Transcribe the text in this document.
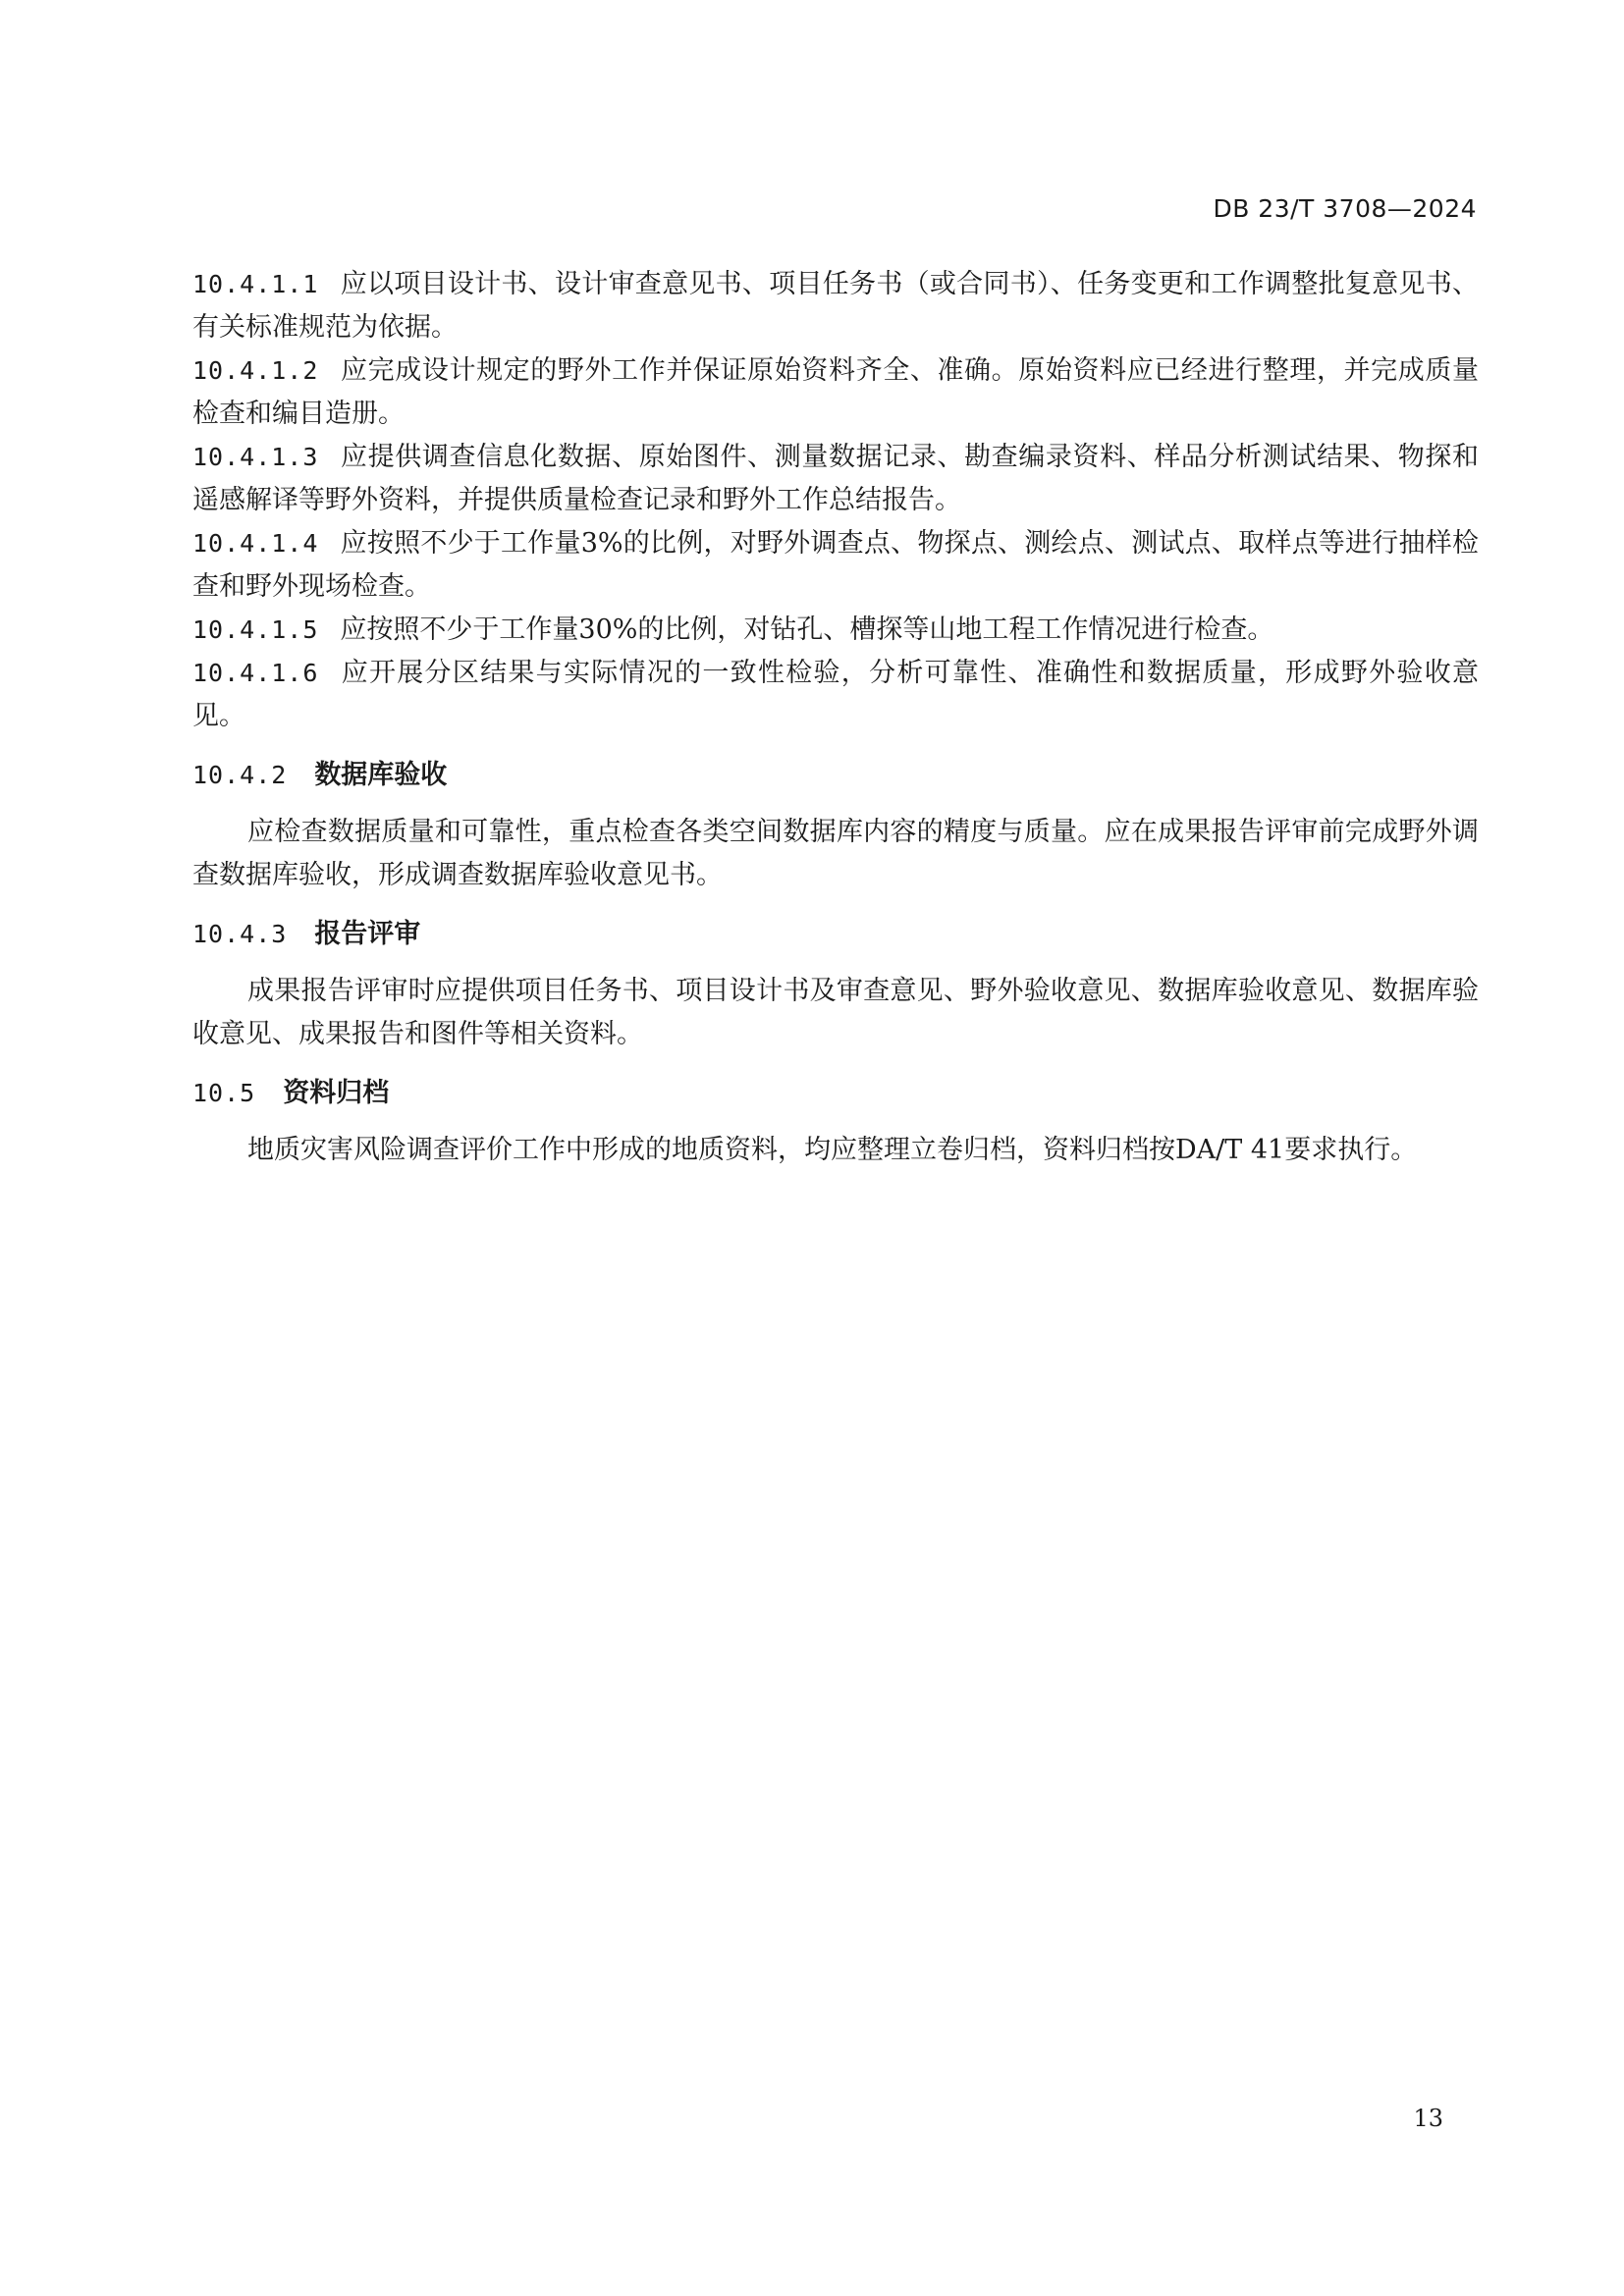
DB 23/T 3708—2024

10.4.1.1 应以项目设计书、设计审查意见书、项目任务书（或合同书）、任务变更和工作调整批复意见书、有关标准规范为依据。

10.4.1.2 应完成设计规定的野外工作并保证原始资料齐全、准确。原始资料应已经进行整理，并完成质量检查和编目造册。

10.4.1.3 应提供调查信息化数据、原始图件、测量数据记录、勘查编录资料、样品分析测试结果、物探和遥感解译等野外资料，并提供质量检查记录和野外工作总结报告。

10.4.1.4 应按照不少于工作量3%的比例，对野外调查点、物探点、测绘点、测试点、取样点等进行抽样检查和野外现场检查。

10.4.1.5 应按照不少于工作量30%的比例，对钻孔、槽探等山地工程工作情况进行检查。

10.4.1.6 应开展分区结果与实际情况的一致性检验，分析可靠性、准确性和数据质量，形成野外验收意见。

10.4.2 数据库验收

应检查数据质量和可靠性，重点检查各类空间数据库内容的精度与质量。应在成果报告评审前完成野外调查数据库验收，形成调查数据库验收意见书。

10.4.3 报告评审

成果报告评审时应提供项目任务书、项目设计书及审查意见、野外验收意见、数据库验收意见、数据库验收意见、成果报告和图件等相关资料。

10.5 资料归档

地质灾害风险调查评价工作中形成的地质资料，均应整理立卷归档，资料归档按DA/T 41要求执行。

13
